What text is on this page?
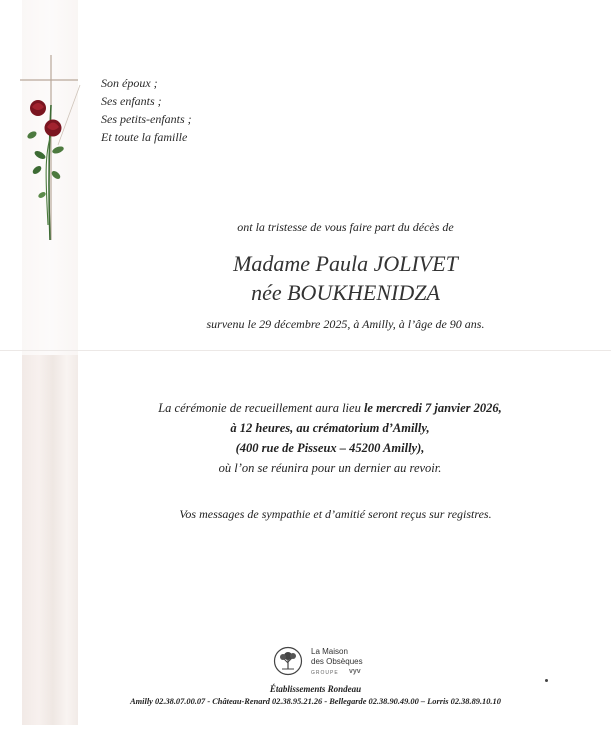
Son époux ;
Ses enfants ;
Ses petits-enfants ;
Et toute la famille
ont la tristesse de vous faire part du décès de
Madame Paula JOLIVET
née BOUKHENIDZA
survenu le 29 décembre 2025, à Amilly, à l’âge de 90 ans.
La cérémonie de recueillement aura lieu le mercredi 7 janvier 2026,
à 12 heures, au crématorium d’Amilly,
(400 rue de Pisseux – 45200 Amilly),
où l’on se réunira pour un dernier au revoir.
Vos messages de sympathie et d’amitié seront reçus sur registres.
La Maison
des Obsèques
GROUPE vyv
Établissements Rondeau
Amilly 02.38.07.00.07 - Château-Renard 02.38.95.21.26 - Bellegarde 02.38.90.49.00 – Lorris 02.38.89.10.10
